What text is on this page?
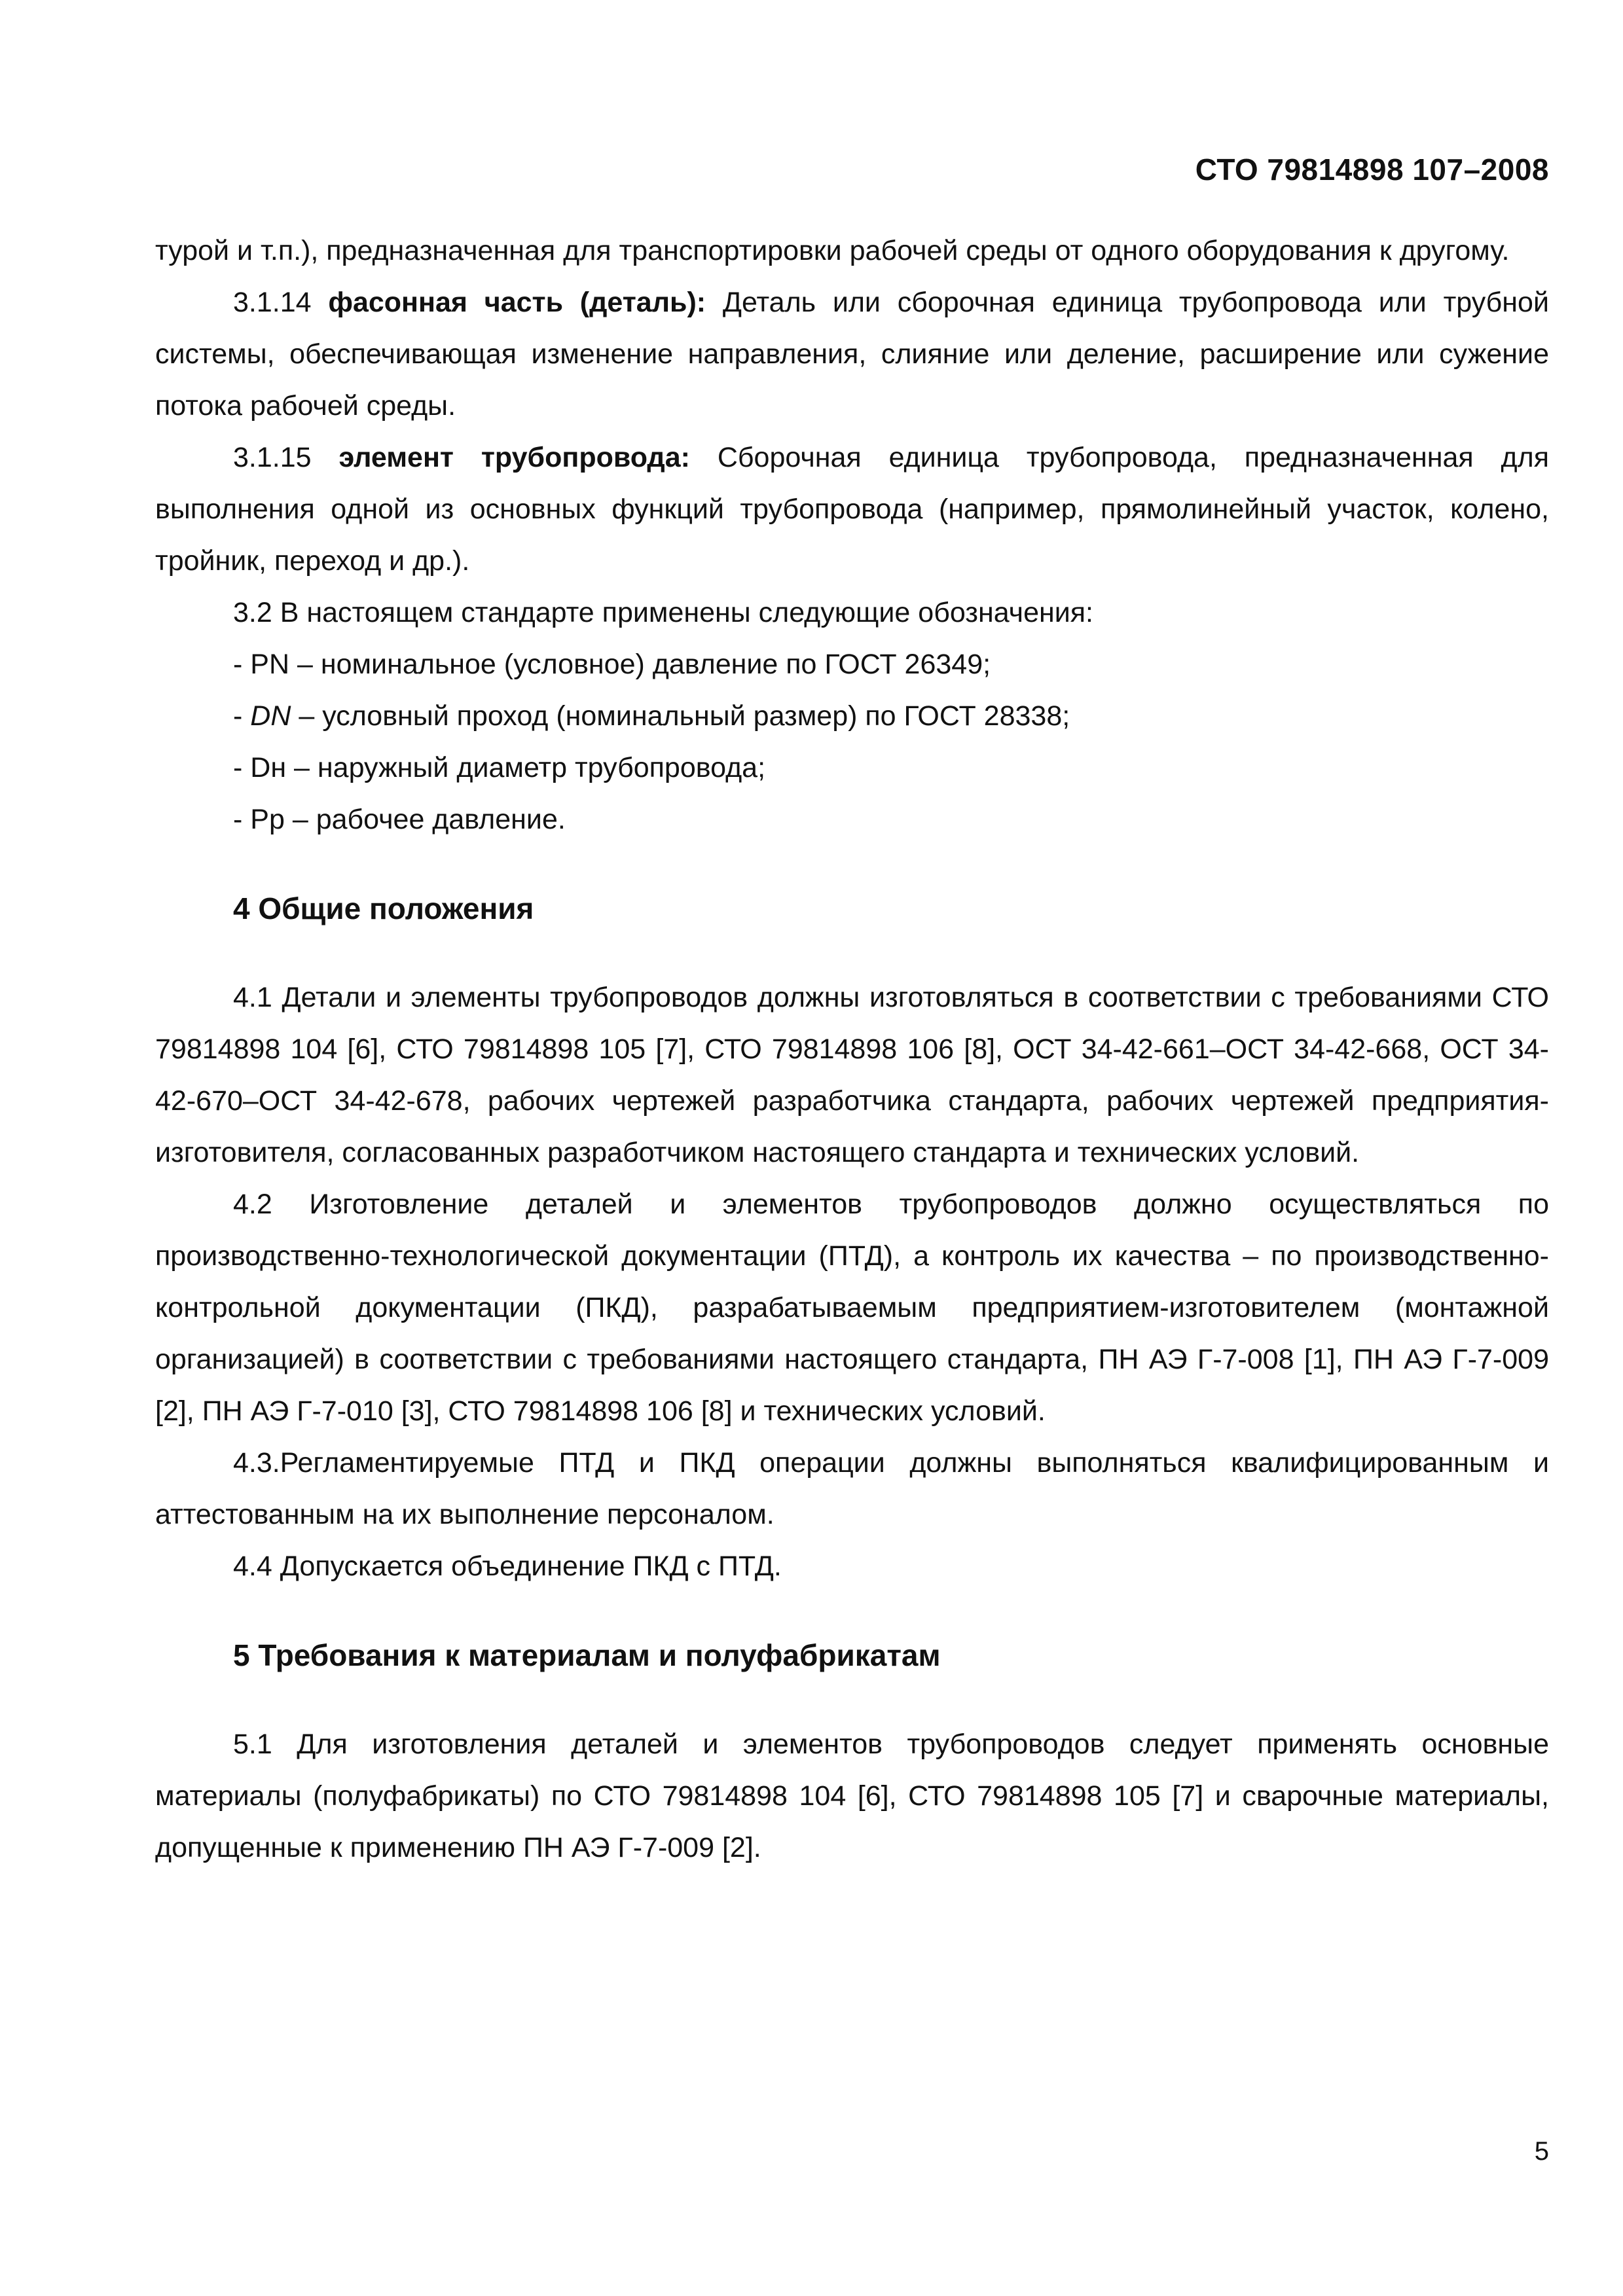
СТО 79814898 107–2008

турой и т.п.), предназначенная для транспортировки рабочей среды от одного оборудования к другому.

3.1.14 фасонная часть (деталь): Деталь или сборочная единица трубопровода или трубной системы, обеспечивающая изменение направления, слияние или деление, расширение или сужение потока рабочей среды.

3.1.15 элемент трубопровода: Сборочная единица трубопровода, предназначенная для выполнения одной из основных функций трубопровода (например, прямолинейный участок, колено, тройник, переход и др.).

3.2 В настоящем стандарте применены следующие обозначения:

- PN – номинальное (условное) давление по ГОСТ 26349;

- DN – условный проход (номинальный размер) по ГОСТ 28338;

- Dн – наружный диаметр трубопровода;

- Рр – рабочее давление.

4 Общие положения

4.1 Детали и элементы трубопроводов должны изготовляться в соответствии с требованиями СТО 79814898 104 [6], СТО 79814898 105 [7], СТО 79814898 106 [8], ОСТ 34-42-661–ОСТ 34-42-668, ОСТ 34-42-670–ОСТ 34-42-678, рабочих чертежей разработчика стандарта, рабочих чертежей предприятия-изготовителя, согласованных разработчиком настоящего стандарта и технических условий.

4.2 Изготовление деталей и элементов трубопроводов должно осуществляться по производственно-технологической документации (ПТД), а контроль их качества – по производственно-контрольной документации (ПКД), разрабатываемым предприятием-изготовителем (монтажной организацией) в соответствии с требованиями настоящего стандарта, ПН АЭ Г-7-008 [1], ПН АЭ Г-7-009 [2], ПН АЭ Г-7-010 [3], СТО 79814898 106 [8] и технических условий.

4.3.Регламентируемые ПТД и ПКД операции должны выполняться квалифицированным и аттестованным на их выполнение персоналом.

4.4 Допускается объединение ПКД с ПТД.

5 Требования к материалам и полуфабрикатам

5.1 Для изготовления деталей и элементов трубопроводов следует применять основные материалы (полуфабрикаты) по СТО 79814898 104 [6], СТО 79814898 105 [7] и сварочные материалы, допущенные к применению ПН АЭ Г-7-009 [2].

5
